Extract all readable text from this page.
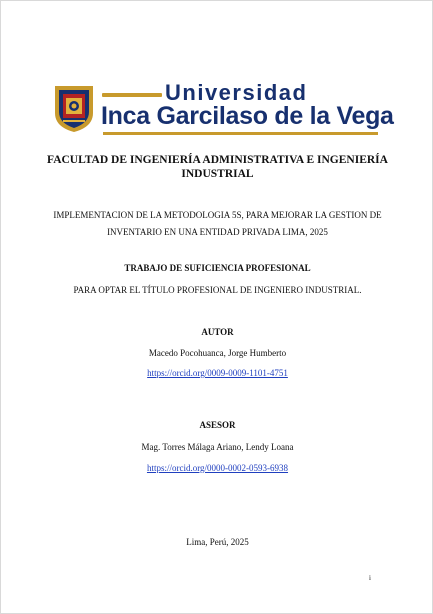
Universidad
Inca Garcilaso de la Vega
FACULTAD DE INGENIERÍA ADMINISTRATIVA E INGENIERÍA INDUSTRIAL
IMPLEMENTACION DE LA METODOLOGIA 5S, PARA MEJORAR LA GESTION DE INVENTARIO EN UNA ENTIDAD PRIVADA LIMA, 2025
TRABAJO DE SUFICIENCIA PROFESIONAL
PARA OPTAR EL TÍTULO PROFESIONAL DE INGENIERO INDUSTRIAL.
AUTOR
Macedo Pocohuanca, Jorge Humberto
https://orcid.org/0009-0009-1101-4751
ASESOR
Mag. Torres Málaga Ariano, Lendy Loana
https://orcid.org/0000-0002-0593-6938
Lima, Perú, 2025
i
